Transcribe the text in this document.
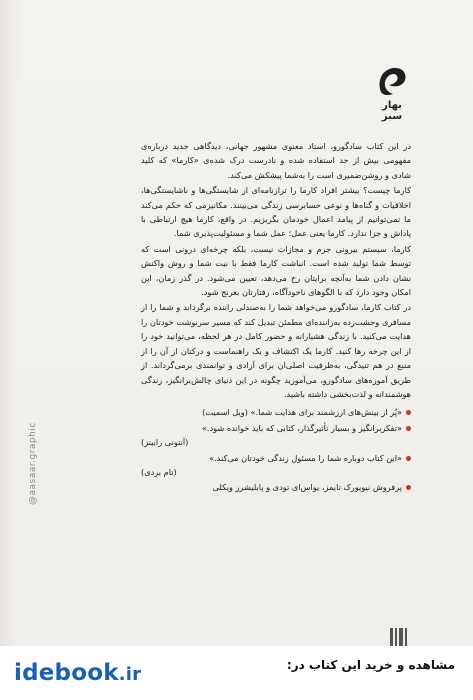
بهار سبز

در این کتاب سادگورو، استاد معنوی مشهور جهانی، دیدگاهی جدید درباره‌ی مفهومی بیش از حد استفاده شده و نادرست درک شده‌ی «کارما» که کلید شادی و روشن‌ضمیری است را به‌شما پیشکش می‌کند.

کارما چیست؟ بیشتر افراد کارما را ترازنامه‌ای از شایستگی‌ها و ناشایستگی‌ها، اخلاقیات و گناه‌ها و نوعی حسابرسی زندگی می‌بینند. مکانیزمی که حکم می‌کند ما نمی‌توانیم از پیامد اعمال خودمان بگریزیم. در واقع، کارما هیچ ارتباطی با پاداش و جزا ندارد. کارما یعنی عمل؛ عمل شما و مسئولیت‌پذیری شما.

کارما، سیستم بیرونی جرم و مجازات نیست، بلکه چرخه‌ای درونی است که توسط شما تولید شده است. انباشت کارما فقط با نیت شما و روش واکنش نشان دادن شما به‌آنچه برایتان رخ می‌دهد، تعیین می‌شود. در گذر زمان، این امکان وجود دارد که با الگوهای ناخودآگاه، رفتارتان بغرنج شود.

در کتاب کارما، سادگورو می‌خواهد شما را به‌صندلی راننده برگرداند و شما را از مسافری وحشت‌زده به‌راننده‌ای مطمئن تبدیل کند که مسیر سرنوشت خودتان را هدایت می‌کنید. با زندگی هشیارانه و حضور کامل در هر لحظه، می‌توانید خود را از این چرخه رها کنید. کارما یک اکتشاف و یک راهنماست و درکتان از آن را از منبع در هم تنیدگی، به‌ظرفیت اصلی‌ان برای آزادی و توانمندی برمی‌گرداند. از طریق آموزه‌های سادگورو، می‌آموزید چگونه در این دنیای چالش‌برانگیز، زندگی هوشمندانه و لذت‌بخشی داشته باشید.

«پُر از بینش‌های ارزشمند برای هدایت شما.» (ویل اسمیت)
«تفکربرانگیز و بسیار تأثیرگذار، کتابی که باید خوانده شود.»
(آنتونی رابینز)
«این کتاب دوباره شما را مسئول زندگی خودتان می‌کند.»
(تام بردی)
پرفروش نیویورک تایمز، یواس‌ای تودی و پابلیشرز ویکلی
@aasaar.graphic
idebook.ir	مشاهده و خرید این کتاب در:
